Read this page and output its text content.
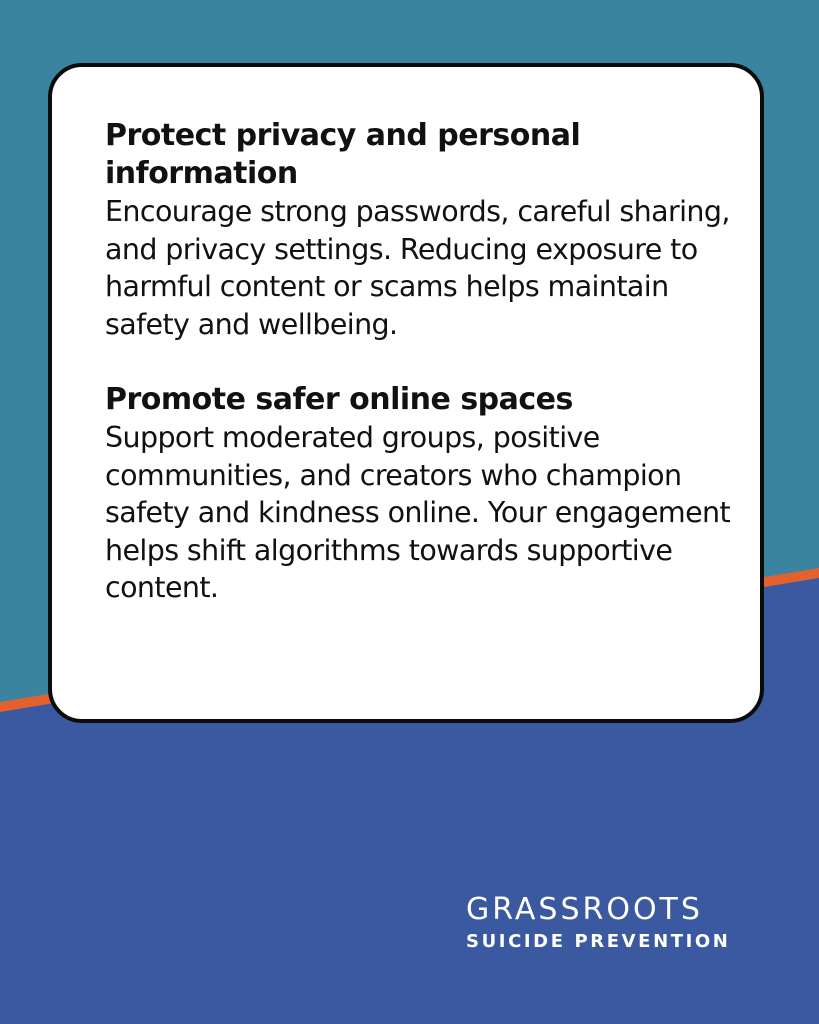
Protect privacy and personal information

Encourage strong passwords, careful sharing, and privacy settings. Reducing exposure to harmful content or scams helps maintain safety and wellbeing.

Promote safer online spaces

Support moderated groups, positive communities, and creators who champion safety and kindness online. Your engagement helps shift algorithms towards supportive content.

GRASSROOTS
SUICIDE PREVENTION
